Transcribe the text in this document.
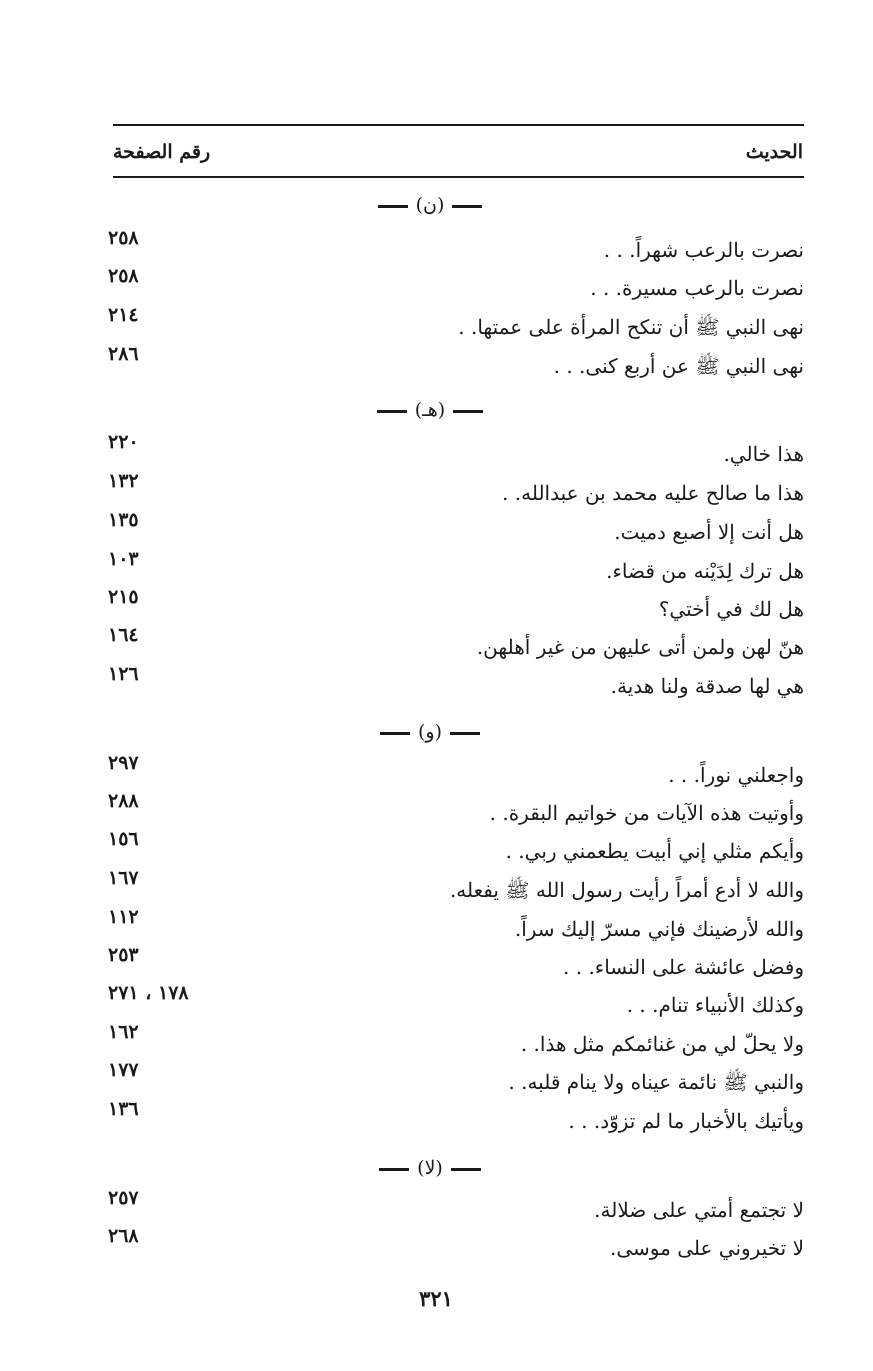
الحديث
رقم الصفحة
(ن)
نصرت بالرعب شهراً. . .
٢٥٨
نصرت بالرعب مسيرة. . .
٢٥٨
نهى النبي ﷺ أن تنكح المرأة على عمتها. .
٢١٤
نهى النبي ﷺ عن أربع كنى. . .
٢٨٦
(هـ)
هذا خالي.
٢٢٠
هذا ما صالح عليه محمد بن عبدالله. .
١٣٢
هل أنت إلا أصبع دميت.
١٣٥
هل ترك لِدَيْنه من قضاء.
١٠٣
هل لك في أختي؟
٢١٥
هنّ لهن ولمن أتى عليهن من غير أهلهن.
١٦٤
هي لها صدقة ولنا هدية.
١٢٦
(و)
واجعلني نوراً. . .
٢٩٧
وأوتيت هذه الآيات من خواتيم البقرة. .
٢٨٨
وأيكم مثلي إني أبيت يطعمني ربي. .
١٥٦
والله لا أدع أمراً رأيت رسول الله ﷺ يفعله.
١٦٧
والله لأرضينك فإني مسرّ إليك سراً.
١١٢
وفضل عائشة على النساء. . .
٢٥٣
وكذلك الأنبياء تنام. . .
١٧٨ ، ٢٧١
ولا يحلّ لي من غنائمكم مثل هذا. .
١٦٢
والنبي ﷺ نائمة عيناه ولا ينام قلبه. .
١٧٧
ويأتيك بالأخبار ما لم تزوّد. . .
١٣٦
(لا)
لا تجتمع أمتي على ضلالة.
٢٥٧
لا تخيروني على موسى.
٢٦٨
٣٢١
